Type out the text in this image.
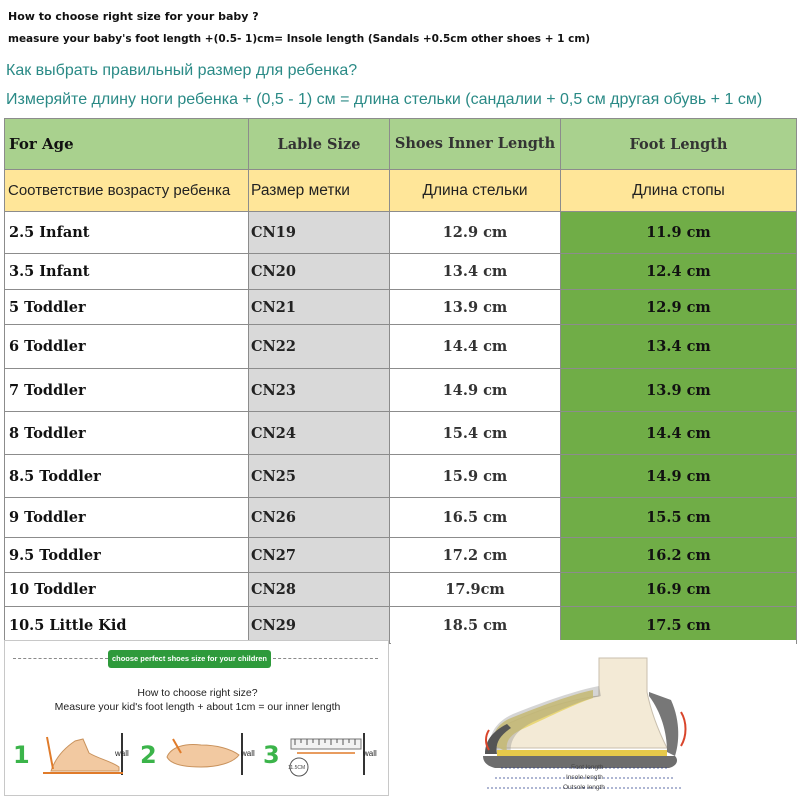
How to choose right size for your baby ?
measure your baby's foot length +(0.5- 1)cm= Insole length (Sandals +0.5cm other shoes + 1 cm)
Как выбрать правильный размер для ребенка?
Измеряйте длину ноги ребенка + (0,5 - 1) см = длина стельки (сандалии + 0,5 см другая обувь + 1 см)
For Age	Lable Size	Shoes Inner Length	Foot Length
Соответствие возрасту ребенка	Размер метки	Длина стельки	Длина стопы
2.5 Infant	CN19	12.9 cm	11.9 cm
3.5 Infant	CN20	13.4 cm	12.4 cm
5 Toddler	CN21	13.9 cm	12.9 cm
6 Toddler	CN22	14.4 cm	13.4 cm
7 Toddler	CN23	14.9 cm	13.9 cm
8 Toddler	CN24	15.4 cm	14.4 cm
8.5 Toddler	CN25	15.9 cm	14.9 cm
9 Toddler	CN26	16.5 cm	15.5 cm
9.5 Toddler	CN27	17.2 cm	16.2 cm
10 Toddler	CN28	17.9cm	16.9 cm
10.5 Little Kid	CN29	18.5 cm	17.5 cm
choose perfect shoes size for your children
How to choose right size?
Measure your kid's foot length + about 1cm = our inner length
1	wall 2	wall 3 11.5CM
wall
Foot length
Insole length
Outsole length
